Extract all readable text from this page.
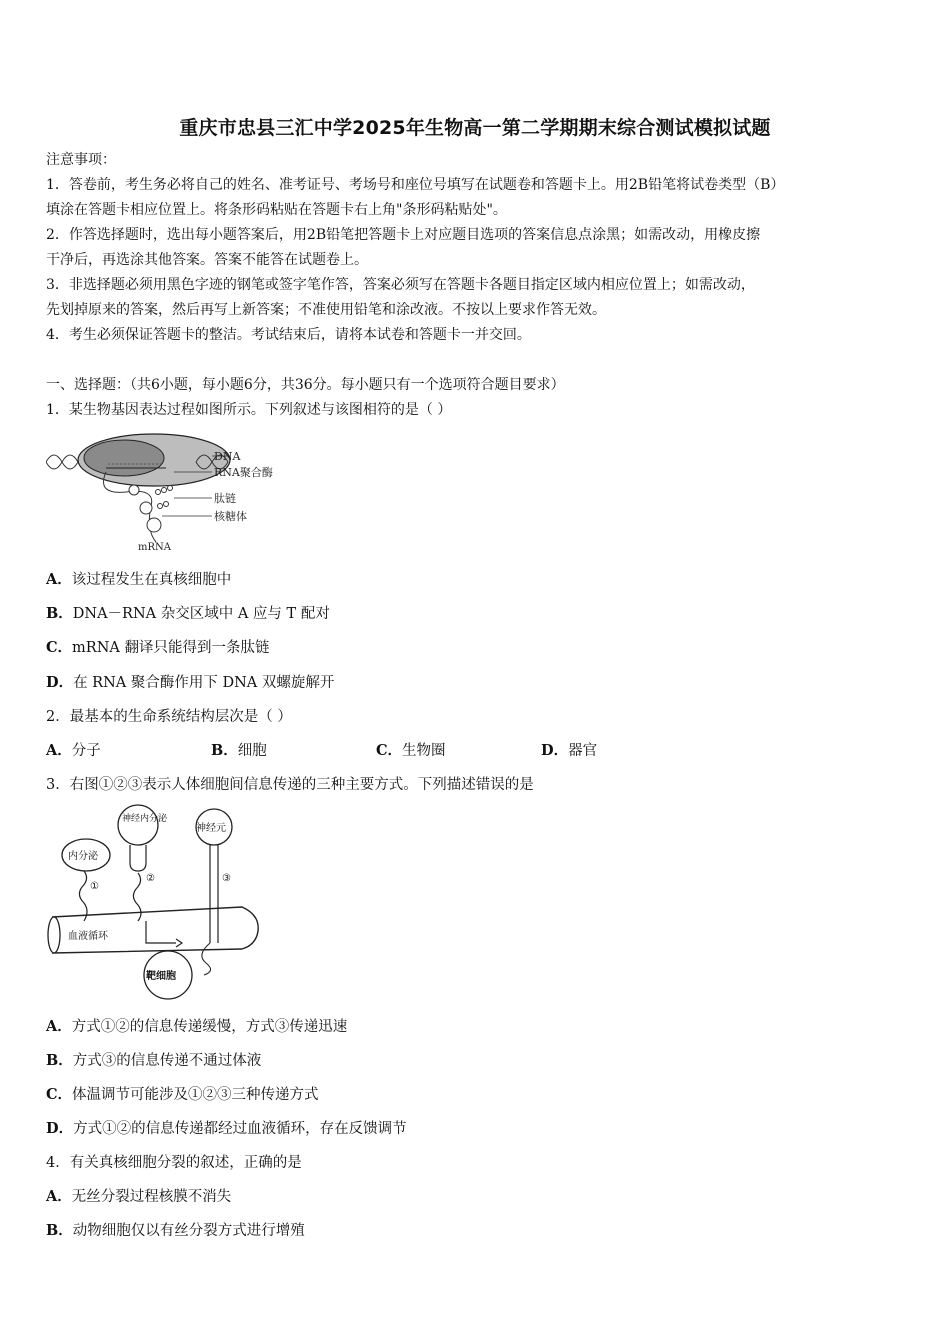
重庆市忠县三汇中学2025年生物高一第二学期期末综合测试模拟试题
注意事项：
1．答卷前，考生务必将自己的姓名、准考证号、考场号和座位号填写在试题卷和答题卡上。用2B铅笔将试卷类型（B）
填涂在答题卡相应位置上。将条形码粘贴在答题卡右上角"条形码粘贴处"。
2．作答选择题时，选出每小题答案后，用2B铅笔把答题卡上对应题目选项的答案信息点涂黑；如需改动，用橡皮擦
干净后，再选涂其他答案。答案不能答在试题卷上。
3．非选择题必须用黑色字迹的钢笔或签字笔作答，答案必须写在答题卡各题目指定区域内相应位置上；如需改动，
先划掉原来的答案，然后再写上新答案；不准使用铅笔和涂改液。不按以上要求作答无效。
4．考生必须保证答题卡的整洁。考试结束后，请将本试卷和答题卡一并交回。
一、选择题：（共6小题，每小题6分，共36分。每小题只有一个选项符合题目要求）
1．某生物基因表达过程如图所示。下列叙述与该图相符的是（ ）
DNA
RNA聚合酶
肽链
核糖体
mRNA
A．该过程发生在真核细胞中
B．DNA－RNA 杂交区域中 A 应与 T 配对
C．mRNA 翻译只能得到一条肽链
D．在 RNA 聚合酶作用下 DNA 双螺旋解开
2．最基本的生命系统结构层次是（ ）
A．分子	B．细胞	C．生物圈	D．器官
3．右图①②③表示人体细胞间信息传递的三种主要方式。下列描述错误的是
内分泌
①
神经内分泌
②
神经元
③
血液循环
靶细胞
A．方式①②的信息传递缓慢，方式③传递迅速
B．方式③的信息传递不通过体液
C．体温调节可能涉及①②③三种传递方式
D．方式①②的信息传递都经过血液循环，存在反馈调节
4．有关真核细胞分裂的叙述，正确的是
A．无丝分裂过程核膜不消失
B．动物细胞仅以有丝分裂方式进行增殖
